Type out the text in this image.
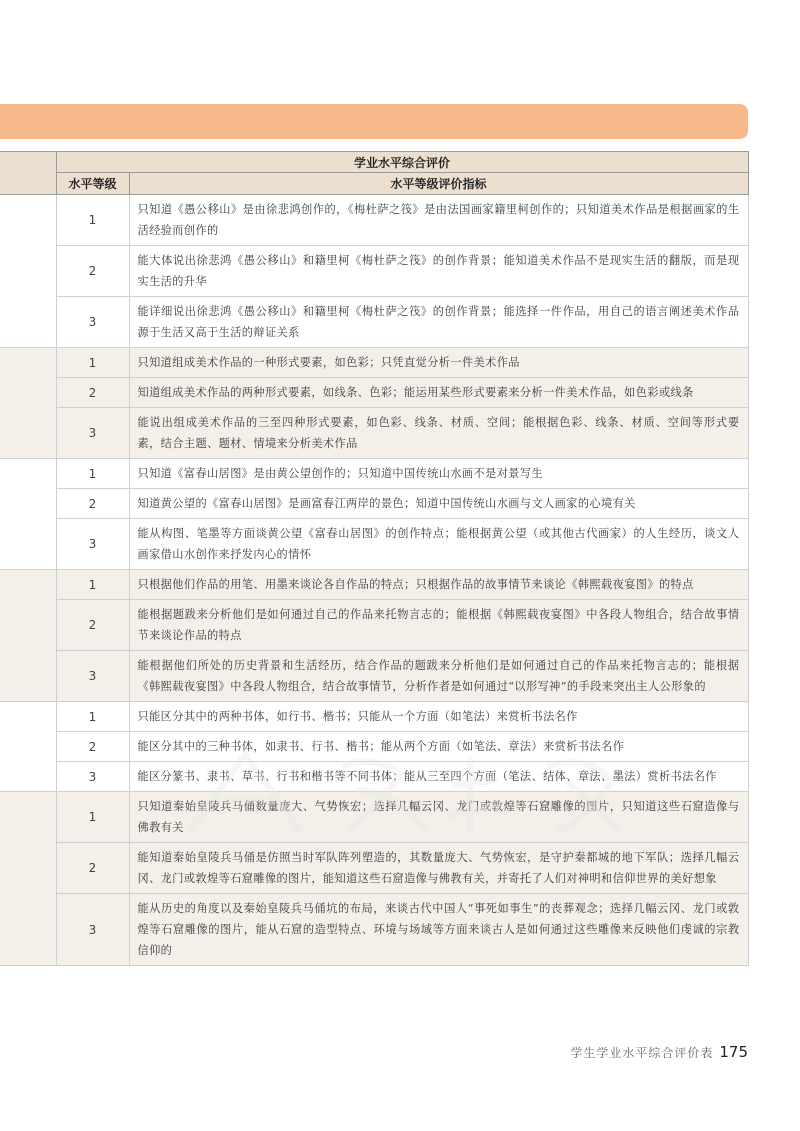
	学业水平综合评价	
	水平等级	水平等级评价指标
	1	只知道《愚公移山》是由徐悲鸿创作的，《梅杜萨之筏》是由法国画家籍里柯创作的；只知道美术作品是根据画家的生活经验而创作的
	2	能大体说出徐悲鸿《愚公移山》和籍里柯《梅杜萨之筏》的创作背景；能知道美术作品不是现实生活的翻版，而是现实生活的升华
	3	能详细说出徐悲鸿《愚公移山》和籍里柯《梅杜萨之筏》的创作背景；能选择一件作品，用自己的语言阐述美术作品源于生活又高于生活的辩证关系
	1	只知道组成美术作品的一种形式要素，如色彩；只凭直觉分析一件美术作品
	2	知道组成美术作品的两种形式要素，如线条、色彩；能运用某些形式要素来分析一件美术作品，如色彩或线条
	3	能说出组成美术作品的三至四种形式要素，如色彩、线条、材质、空间；能根据色彩、线条、材质、空间等形式要素，结合主题、题材、情境来分析美术作品
	1	只知道《富春山居图》是由黄公望创作的；只知道中国传统山水画不是对景写生
	2	知道黄公望的《富春山居图》是画富春江两岸的景色；知道中国传统山水画与文人画家的心境有关
	3	能从构图、笔墨等方面谈黄公望《富春山居图》的创作特点；能根据黄公望（或其他古代画家）的人生经历，谈文人画家借山水创作来抒发内心的情怀
	1	只根据他们作品的用笔、用墨来谈论各自作品的特点；只根据作品的故事情节来谈论《韩熙载夜宴图》的特点
	2	能根据题跋来分析他们是如何通过自己的作品来托物言志的；能根据《韩熙载夜宴图》中各段人物组合，结合故事情节来谈论作品的特点
	3	能根据他们所处的历史背景和生活经历，结合作品的题跋来分析他们是如何通过自己的作品来托物言志的；能根据《韩熙载夜宴图》中各段人物组合，结合故事情节，分析作者是如何通过“以形写神”的手段来突出主人公形象的
	1	只能区分其中的两种书体，如行书、楷书；只能从一个方面（如笔法）来赏析书法名作
	2	能区分其中的三种书体，如隶书、行书、楷书；能从两个方面（如笔法、章法）来赏析书法名作
	3	能区分篆书、隶书、草书、行书和楷书等不同书体；能从三至四个方面（笔法、结体、章法、墨法）赏析书法名作
	1	只知道秦始皇陵兵马俑数量庞大、气势恢宏；选择几幅云冈、龙门或敦煌等石窟雕像的图片，只知道这些石窟造像与佛教有关
	2	能知道秦始皇陵兵马俑是仿照当时军队阵列塑造的，其数量庞大、气势恢宏，是守护秦都城的地下军队；选择几幅云冈、龙门或敦煌等石窟雕像的图片，能知道这些石窟造像与佛教有关，并寄托了人们对神明和信仰世界的美好想象
	3	能从历史的角度以及秦始皇陵兵马俑坑的布局，来谈古代中国人“事死如事生”的丧葬观念；选择几幅云冈、龙门或敦煌等石窟雕像的图片，能从石窟的造型特点、环境与场域等方面来谈古人是如何通过这些雕像来反映他们虔诚的宗教信仰的
学生学业水平综合评价表 175
